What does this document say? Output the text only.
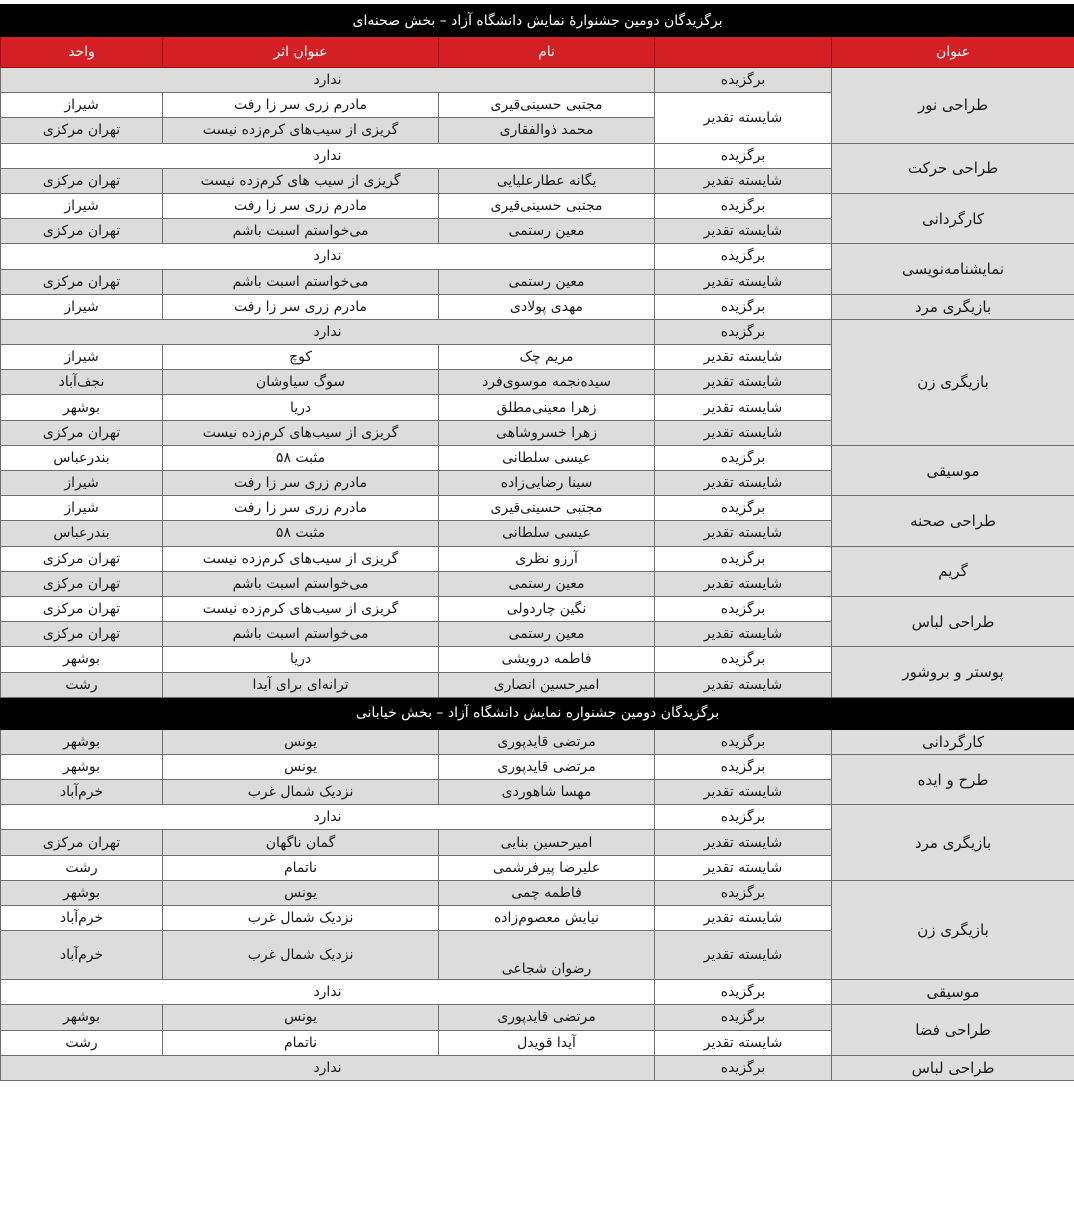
برگزیدگان دومین جشنوارهٔ نمایش دانشگاه آزاد – بخش صحنه‌ای				
عنوان		نام	عنوان اثر	واحد
طراحی نور	برگزیده	ندارد		
	شایسته تقدیر	مجتبی حسینی‌قیری	مادرم زری سر زا رفت	شیراز
		محمد ذوالفقاری	گریزی از سیب‌های کرم‌زده نیست	تهران مرکزی
طراحی حرکت	برگزیده	ندارد		
	شایسته تقدیر	یگانه عطارعلیایی	گریزی از سیب های کرم‌زده نیست	تهران مرکزی
کارگردانی	برگزیده	مجتبی حسینی‌قیری	مادرم زری سر زا رفت	شیراز
	شایسته تقدیر	معین رستمی	می‌خواستم اسبت باشم	تهران مرکزی
نمایشنامه‌نویسی	برگزیده	ندارد		
	شایسته تقدیر	معین رستمی	می‌خواستم اسبت باشم	تهران مرکزی
بازیگری مرد	برگزیده	مهدی پولادی	مادرم زری سر زا رفت	شیراز
بازیگری زن	برگزیده	ندارد		
	شایسته تقدیر	مریم چک	کوچ	شیراز
	شایسته تقدیر	سیده‌نجمه موسوی‌فرد	سوگ سیاوشان	نجف‌آباد
	شایسته تقدیر	زهرا معینی‌مطلق	دریا	بوشهر
	شایسته تقدیر	زهرا خسروشاهی	گریزی از سیب‌های کرم‌زده نیست	تهران مرکزی
موسیقی	برگزیده	عیسی سلطانی	مثبت ۵۸	بندرعباس
	شایسته تقدیر	سینا رضایی‌زاده	مادرم زری سر زا رفت	شیراز
طراحی صحنه	برگزیده	مجتبی حسینی‌قیری	مادرم زری سر زا رفت	شیراز
	شایسته تقدیر	عیسی سلطانی	مثبت ۵۸	بندرعباس
گریم	برگزیده	آرزو نظری	گریزی از سیب‌های کرم‌زده نیست	تهران مرکزی
	شایسته تقدیر	معین رستمی	می‌خواستم اسبت باشم	تهران مرکزی
طراحی لباس	برگزیده	نگین چاردولی	گریزی از سیب‌های کرم‌زده نیست	تهران مرکزی
	شایسته تقدیر	معین رستمی	می‌خواستم اسبت باشم	تهران مرکزی
پوستر و بروشور	برگزیده	فاطمه درویشی	دریا	بوشهر
	شایسته تقدیر	امیرحسین انصاری	ترانه‌ای برای آیدا	رشت
برگزیدگان دومین جشنواره نمایش دانشگاه آزاد – بخش خیابانی				
کارگردانی	برگزیده	مرتضی قایدپوری	یونس	بوشهر
طرح و ایده	برگزیده	مرتضی قایدپوری	یونس	بوشهر
	شایسته تقدیر	مهسا شاهوردی	نزدیک شمال غرب	خرم‌آباد
بازیگری مرد	برگزیده	ندارد		
	شایسته تقدیر	امیرحسین بنایی	گمان ناگهان	تهران مرکزی
	شایسته تقدیر	علیرضا پیرفرشمی	ناتمام	رشت
بازیگری زن	برگزیده	فاطمه چمی	یونس	بوشهر
	شایسته تقدیر	نیایش معصوم‌زاده	نزدیک شمال غرب	خرم‌آباد
	شایسته تقدیر	رضوان شجاعی	نزدیک شمال غرب	خرم‌آباد
موسیقی	برگزیده	ندارد		
طراحی فضا	برگزیده	مرتضی قایدپوری	یونس	بوشهر
	شایسته تقدیر	آیدا قویدل	ناتمام	رشت
طراحی لباس	برگزیده	ندارد		
